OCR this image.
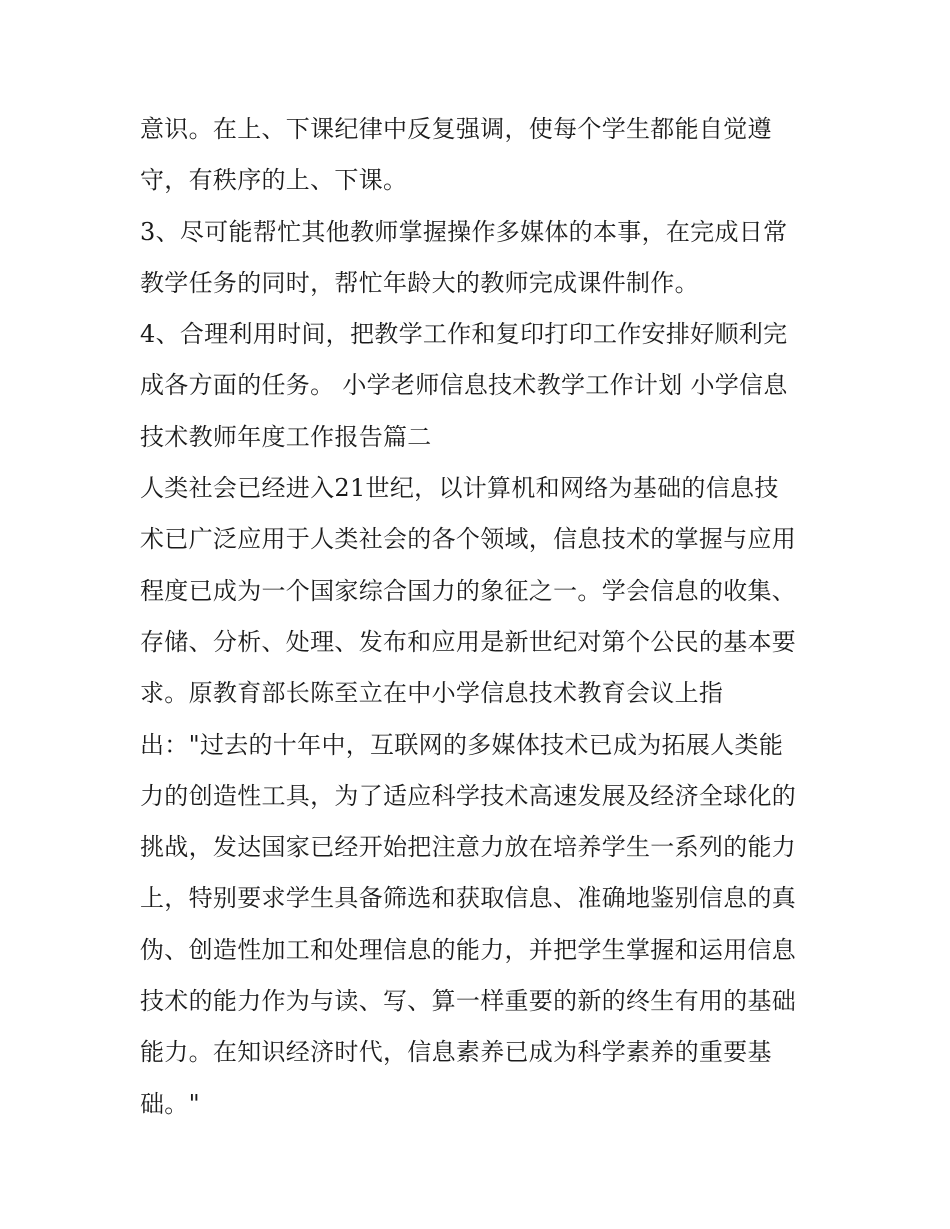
意识。在上、下课纪律中反复强调，使每个学生都能自觉遵
守，有秩序的上、下课。
3、尽可能帮忙其他教师掌握操作多媒体的本事，在完成日常
教学任务的同时，帮忙年龄大的教师完成课件制作。
4、合理利用时间，把教学工作和复印打印工作安排好顺利完
成各方面的任务。 小学老师信息技术教学工作计划 小学信息
技术教师年度工作报告篇二
人类社会已经进入21世纪，以计算机和网络为基础的信息技
术已广泛应用于人类社会的各个领域，信息技术的掌握与应用
程度已成为一个国家综合国力的象征之一。学会信息的收集、
存储、分析、处理、发布和应用是新世纪对第个公民的基本要
求。原教育部长陈至立在中小学信息技术教育会议上指
出："过去的十年中，互联网的多媒体技术已成为拓展人类能
力的创造性工具，为了适应科学技术高速发展及经济全球化的
挑战，发达国家已经开始把注意力放在培养学生一系列的能力
上，特别要求学生具备筛选和获取信息、准确地鉴别信息的真
伪、创造性加工和处理信息的能力，并把学生掌握和运用信息
技术的能力作为与读、写、算一样重要的新的终生有用的基础
能力。在知识经济时代，信息素养已成为科学素养的重要基
础。"
